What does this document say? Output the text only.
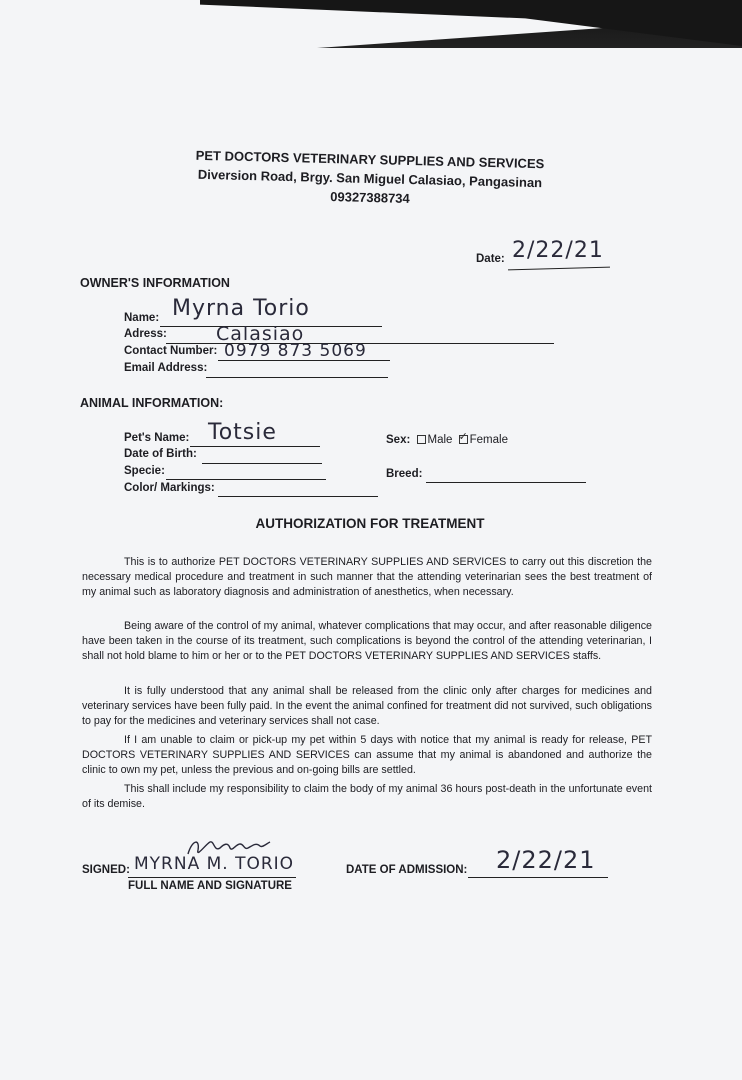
PET DOCTORS VETERINARY SUPPLIES AND SERVICES
Diversion Road, Brgy. San Miguel Calasiao, Pangasinan
09327388734
Date: 2/22/21
OWNER'S INFORMATION
Name: Myrna Torio
Adress:	Calasiao
Contact Number: 0979 873 5069
Email Address:
ANIMAL INFORMATION:
Pet's Name: Totsie
Date of Birth:
Specie:
Color/ Markings:
Sex: Male ✓ Female
Breed:
AUTHORIZATION FOR TREATMENT

This is to authorize PET DOCTORS VETERINARY SUPPLIES AND SERVICES to carry out this discretion the necessary medical procedure and treatment in such manner that the attending veterinarian sees the best treatment of my animal such as laboratory diagnosis and administration of anesthetics, when necessary.

Being aware of the control of my animal, whatever complications that may occur, and after reasonable diligence have been taken in the course of its treatment, such complications is beyond the control of the attending veterinarian, I shall not hold blame to him or her or to the PET DOCTORS VETERINARY SUPPLIES AND SERVICES staffs.

It is fully understood that any animal shall be released from the clinic only after charges for medicines and veterinary services have been fully paid. In the event the animal confined for treatment did not survived, such obligations to pay for the medicines and veterinary services shall not case.

If I am unable to claim or pick-up my pet within 5 days with notice that my animal is ready for release, PET DOCTORS VETERINARY SUPPLIES AND SERVICES can assume that my animal is abandoned and authorize the clinic to own my pet, unless the previous and on-going bills are settled.

This shall include my responsibility to claim the body of my animal 36 hours post-death in the unfortunate event of its demise.

SIGNED: MYRNA M. TORIO
FULL NAME AND SIGNATURE
DATE OF ADMISSION: 2/22/21
